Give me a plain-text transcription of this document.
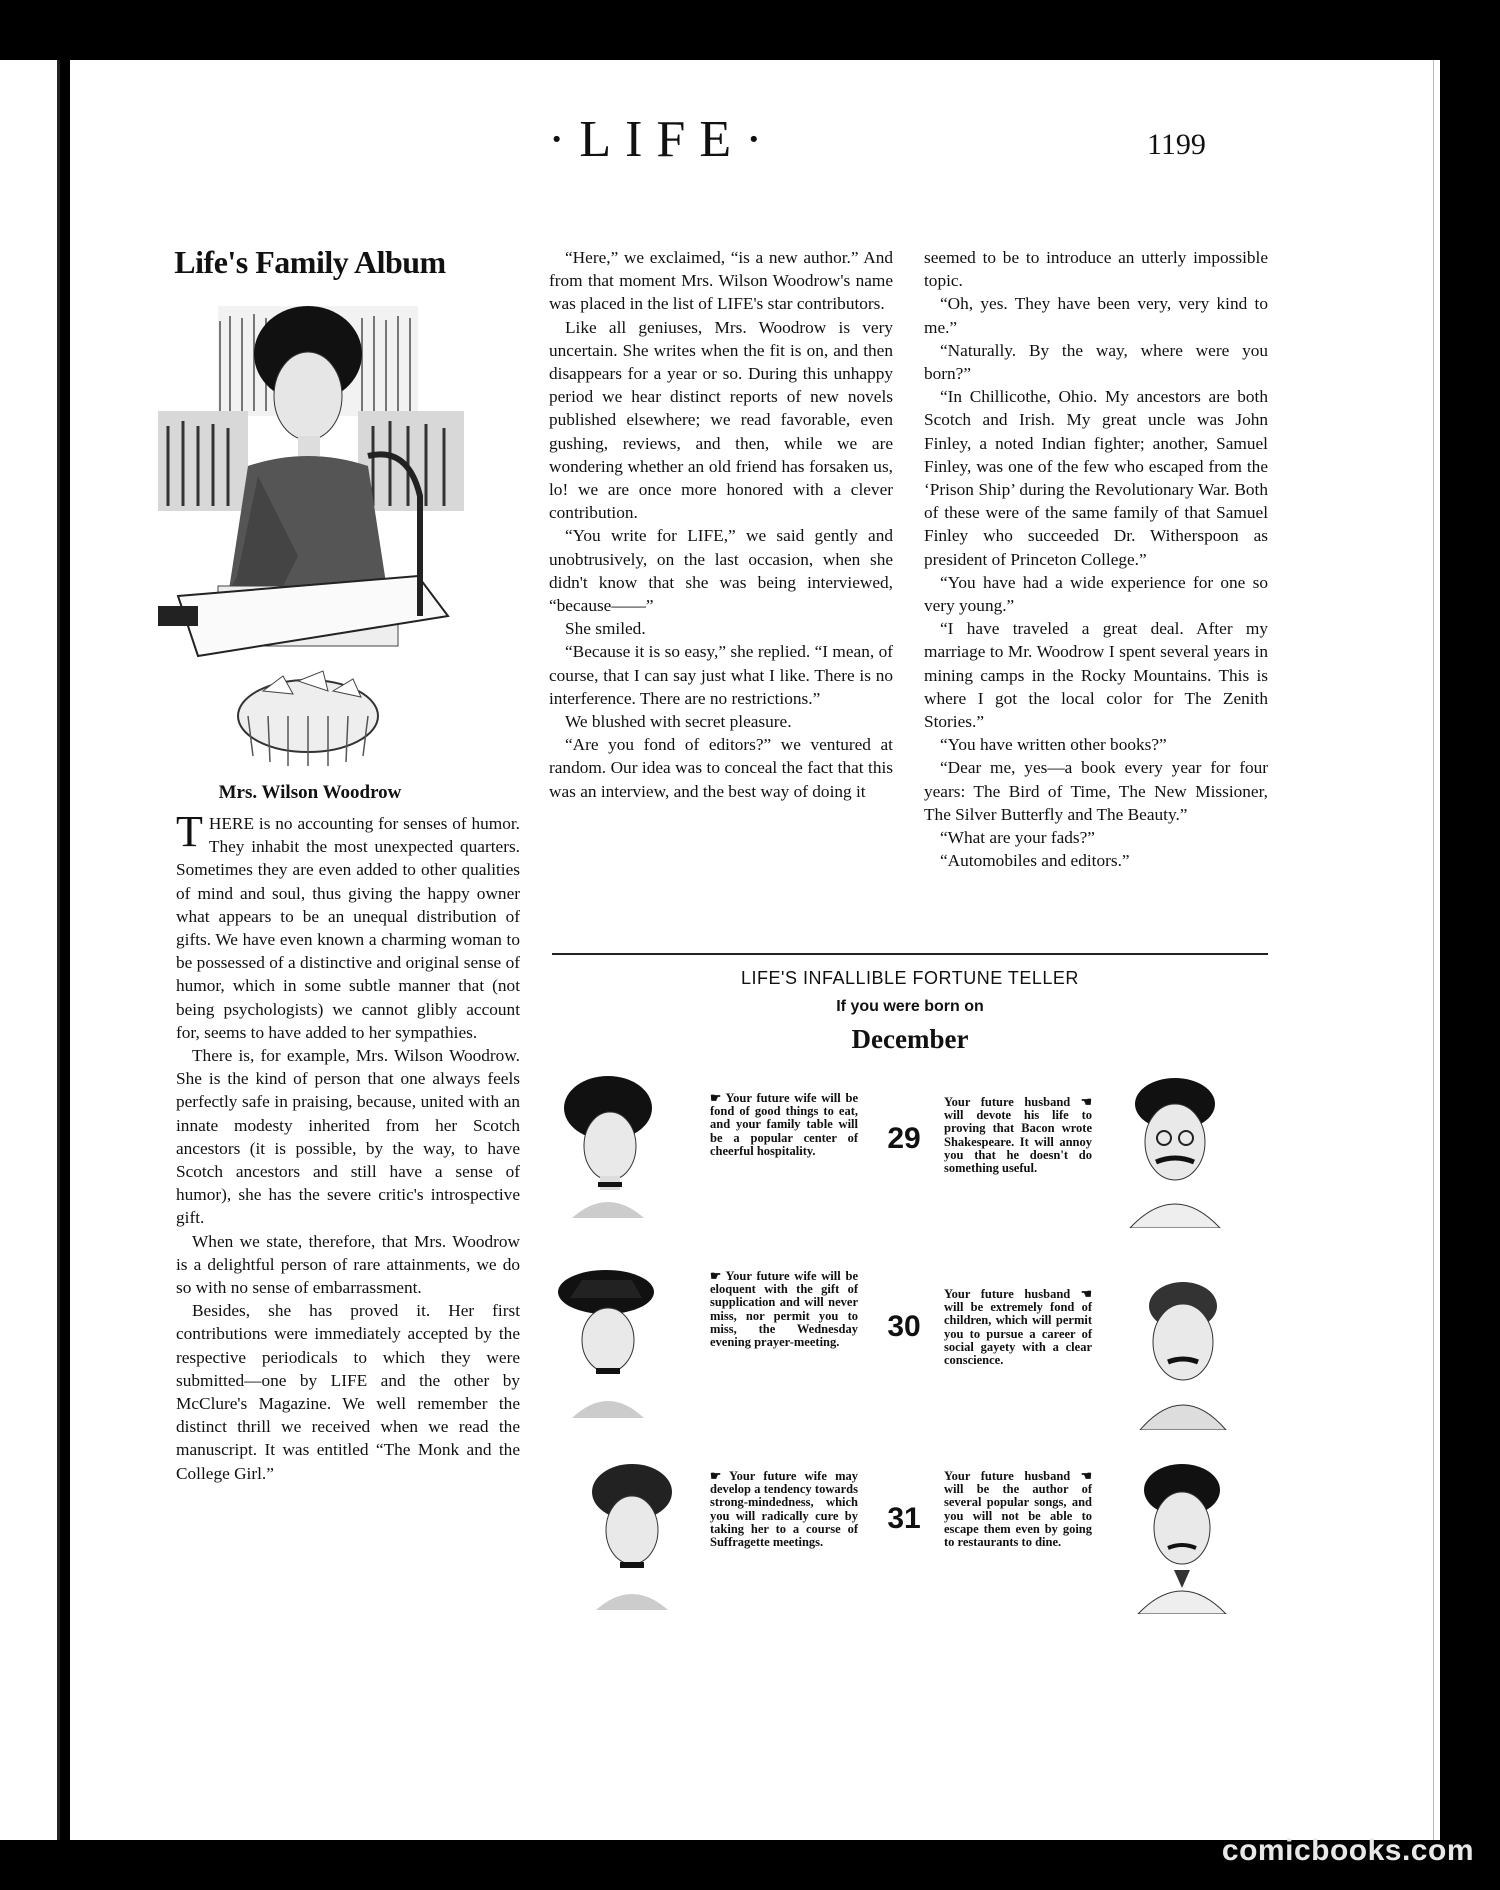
·LIFE·	1199
Life's Family Album
Mrs. Wilson Woodrow

THERE is no accounting for senses of humor. They inhabit the most unexpected quarters. Sometimes they are even added to other qualities of mind and soul, thus giving the happy owner what appears to be an unequal distribution of gifts. We have even known a charming woman to be possessed of a distinctive and original sense of humor, which in some subtle manner that (not being psychologists) we cannot glibly account for, seems to have added to her sympathies.

There is, for example, Mrs. Wilson Woodrow. She is the kind of person that one always feels perfectly safe in praising, because, united with an innate modesty inherited from her Scotch ancestors (it is possible, by the way, to have Scotch ancestors and still have a sense of humor), she has the severe critic's introspective gift.

When we state, therefore, that Mrs. Woodrow is a delightful person of rare attainments, we do so with no sense of embarrassment.

Besides, she has proved it. Her first contributions were immediately accepted by the respective periodicals to which they were submitted—one by LIFE and the other by McClure's Magazine. We well remember the distinct thrill we received when we read the manuscript. It was entitled “The Monk and the College Girl.”

“Here,” we exclaimed, “is a new author.” And from that moment Mrs. Wilson Woodrow's name was placed in the list of LIFE's star contributors.

Like all geniuses, Mrs. Woodrow is very uncertain. She writes when the fit is on, and then disappears for a year or so. During this unhappy period we hear distinct reports of new novels published elsewhere; we read favorable, even gushing, reviews, and then, while we are wondering whether an old friend has forsaken us, lo! we are once more honored with a clever contribution.

“You write for LIFE,” we said gently and unobtrusively, on the last occasion, when she didn't know that she was being interviewed, “because——”

She smiled.

“Because it is so easy,” she replied. “I mean, of course, that I can say just what I like. There is no interference. There are no restrictions.”

We blushed with secret pleasure.

“Are you fond of editors?” we ventured at random. Our idea was to conceal the fact that this was an interview, and the best way of doing it

seemed to be to introduce an utterly impossible topic.

“Oh, yes. They have been very, very kind to me.”

“Naturally. By the way, where were you born?”

“In Chillicothe, Ohio. My ancestors are both Scotch and Irish. My great uncle was John Finley, a noted Indian fighter; another, Samuel Finley, was one of the few who escaped from the ‘Prison Ship’ during the Revolutionary War. Both of these were of the same family of that Samuel Finley who succeeded Dr. Witherspoon as president of Princeton College.”

“You have had a wide experience for one so very young.”

“I have traveled a great deal. After my marriage to Mr. Woodrow I spent several years in mining camps in the Rocky Mountains. This is where I got the local color for The Zenith Stories.”

“You have written other books?”

“Dear me, yes—a book every year for four years: The Bird of Time, The New Missioner, The Silver Butterfly and The Beauty.”

“What are your fads?”

“Automobiles and editors.”

LIFE'S INFALLIBLE FORTUNE TELLER
If you were born on
December
☛ Your future wife will be fond of good things to eat, and your family table will be a popular center of cheerful hospitality.	29
Your future husband ☚ will devote his life to proving that Bacon wrote Shakespeare. It will annoy you that he doesn't do something useful.
☛ Your future wife will be eloquent with the gift of supplication and will never miss, nor permit you to miss, the Wednesday evening prayer-meeting.	30
Your future husband ☚ will be extremely fond of children, which will permit you to pursue a career of social gayety with a clear conscience.
☛ Your future wife may develop a tendency towards strong-mindedness, which you will radically cure by taking her to a course of Suffragette meetings.
31
Your future husband ☚ will be the author of several popular songs, and you will not be able to escape them even by going to restaurants to dine.
comicbooks.com
